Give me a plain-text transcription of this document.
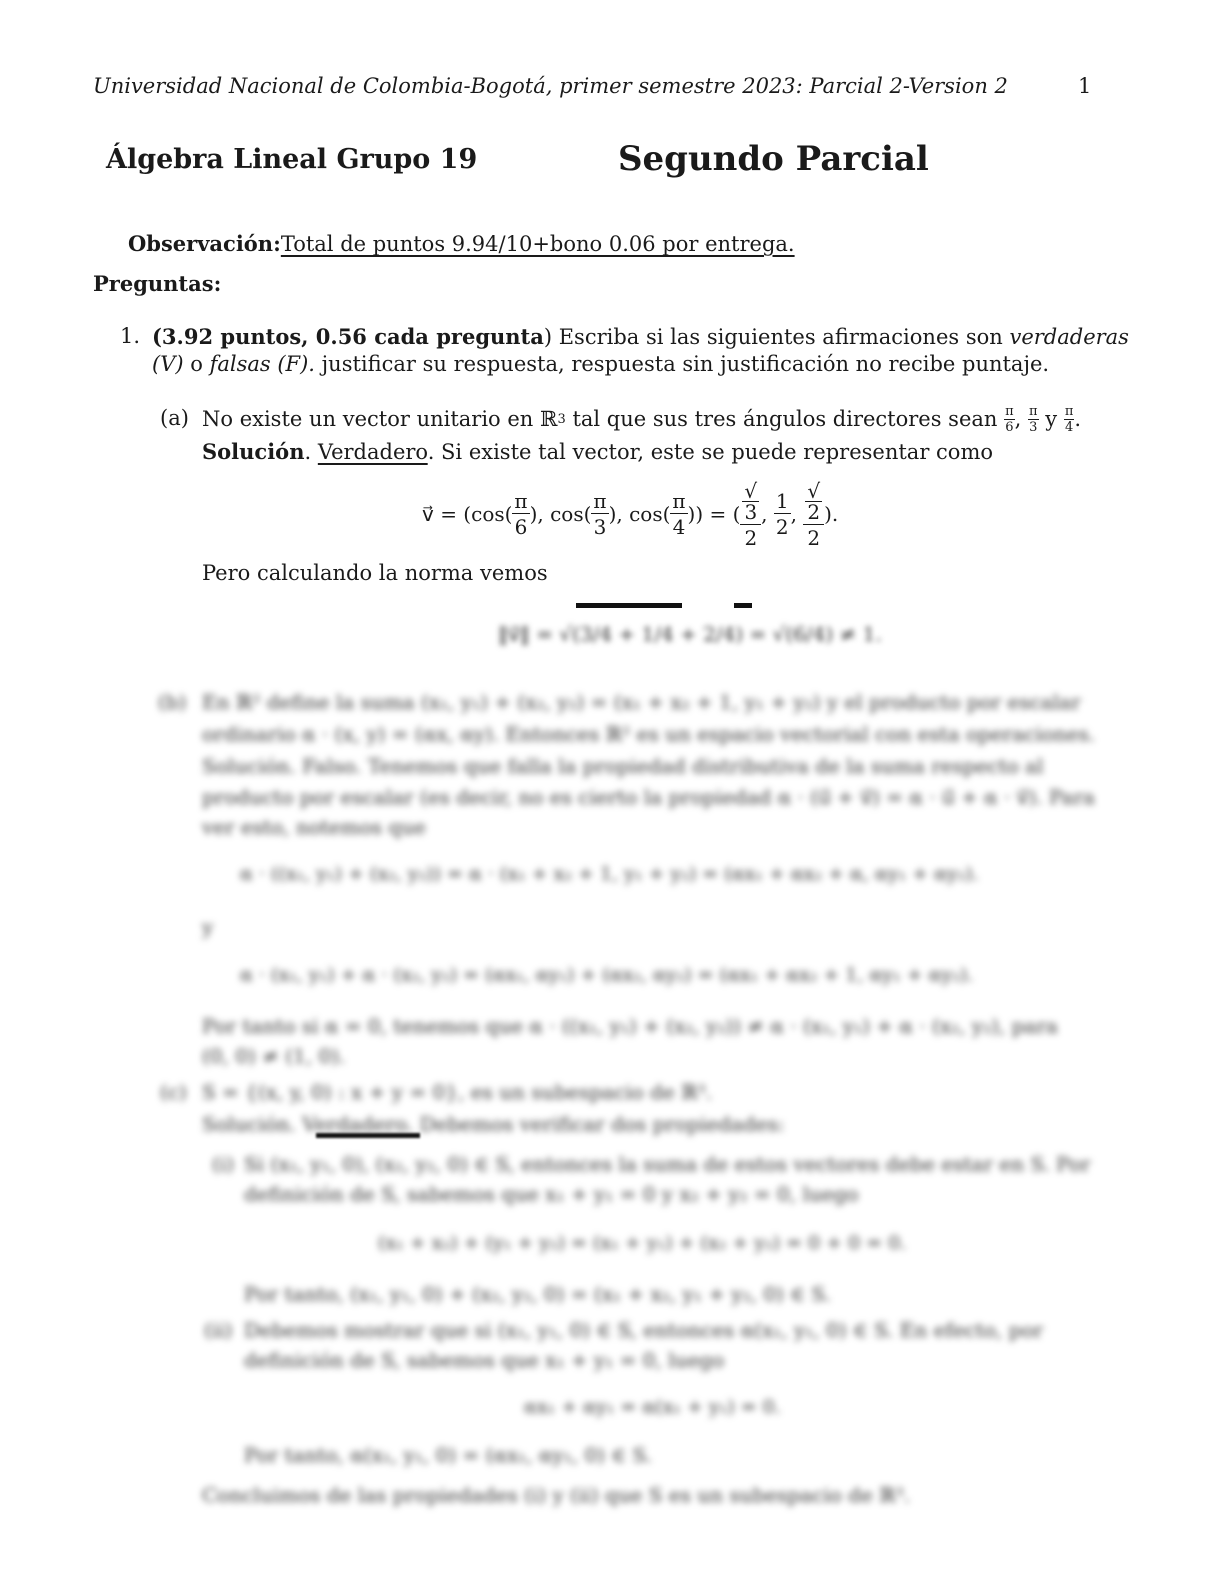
Universidad Nacional de Colombia-Bogotá, primer semestre 2023: Parcial 2-Version 2	1
Álgebra Lineal Grupo 19	Segundo Parcial
Observación:Total de puntos 9.94/10+bono 0.06 por entrega.
Preguntas:
1. (3.92 puntos, 0.56 cada pregunta) Escriba si las siguientes afirmaciones son verdaderas
(V) o falsas (F). justificar su respuesta, respuesta sin justificación no recibe puntaje.
(a) No existe un vector unitario en
ℝ 3
tal que sus tres ángulos directores sean
$\frac{\pi}{6}$ , $\frac{\pi}{3}$
y
$\frac{\pi}{4}$ .
Solución. Verdadero. Si existe tal vector, este se puede representar como
v⃗ = ($\cos( \frac{\pi}{6}$ ), $\cos( \frac{\pi}{3}$ ), $\cos( \frac{\pi}{4}$ )) = ( √
3
2 , $\frac{1}{2}$ , √
2
2 ).
Pero calculando la norma vemos
‖v⃗‖ = √(3/4 + 1/4 + 2/4) = √(6/4) ≠ 1.
(b) En ℝ² define la suma (x₁, y₁) + (x₂, y₂) = (x₁ + x₂ + 1, y₁ + y₂) y el producto por escalar
ordinario α · (x, y) = (αx, αy). Entonces ℝ² es un espacio vectorial con esta operaciones.
Solución. Falso. Tenemos que falla la propiedad distributiva de la suma respecto al
producto por escalar (es decir, no es cierto la propiedad α · (u⃗ + v⃗) = α · u⃗ + α · v⃗). Para
ver esto, notemos que
α · ((x₁, y₁) + (x₂, y₂)) = α · (x₁ + x₂ + 1, y₁ + y₂) = (αx₁ + αx₂ + α, αy₁ + αy₂).
y
α · (x₁, y₁) + α · (x₂, y₂) = (αx₁, αy₁) + (αx₂, αy₂) = (αx₁ + αx₂ + 1, αy₁ + αy₂).
Por tanto si α = 0, tenemos que α · ((x₁, y₁) + (x₂, y₂)) ≠ α · (x₁, y₁) + α · (x₂, y₂), para
(0, 0) ≠ (1, 0).
(c) S = {(x, y, 0) : x + y = 0}, es un subespacio de ℝ³.
Solución. Verdadero. Debemos verificar dos propiedades:
(i) Si (x₁, y₁, 0), (x₂, y₂, 0) ∈ S, entonces la suma de estos vectores debe estar en S. Por
definición de S, sabemos que x₁ + y₁ = 0 y x₂ + y₂ = 0, luego
(x₁ + x₂) + (y₁ + y₂) = (x₁ + y₁) + (x₂ + y₂) = 0 + 0 = 0.
Por tanto, (x₁, y₁, 0) + (x₂, y₂, 0) = (x₁ + x₂, y₁ + y₂, 0) ∈ S.
(ii) Debemos mostrar que si (x₁, y₁, 0) ∈ S, entonces α(x₁, y₁, 0) ∈ S. En efecto, por
definición de S, sabemos que x₁ + y₁ = 0, luego
αx₁ + αy₁ = α(x₁ + y₁) = 0.
Por tanto, α(x₁, y₁, 0) = (αx₁, αy₁, 0) ∈ S.
Concluimos de las propiedades (i) y (ii) que S es un subespacio de ℝ³.
